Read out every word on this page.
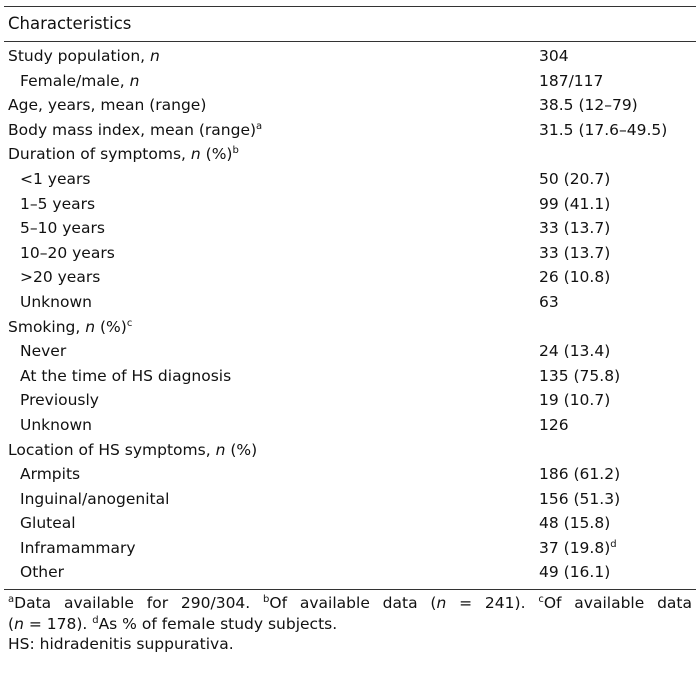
Characteristics
Study population, n	304
Female/male, n	187/117
Age, years, mean (range)	38.5 (12–79)
Body mass index, mean (range)$^a$	31.5 (17.6–49.5)
Duration of symptoms, n (%)$^b$
<1 years	50 (20.7)
1–5 years	99 (41.1)
5–10 years	33 (13.7)
10–20 years	33 (13.7)
>20 years	26 (10.8)
Unknown	63
Smoking, n (%)$^c$
Never	24 (13.4)
At the time of HS diagnosis	135 (75.8)
Previously	19 (10.7)
Unknown	126
Location of HS symptoms, n (%)
Armpits	186 (61.2)
Inguinal/anogenital	156 (51.3)
Gluteal	48 (15.8)
Inframammary	37 $(19.8)^d$
Other	49 (16.1)
$^a$Data available for 290/304. $^b$Of available data (n = 241). $^c$Of available data
(n = 178). $^d$As % of female study subjects.
HS: hidradenitis suppurativa.
